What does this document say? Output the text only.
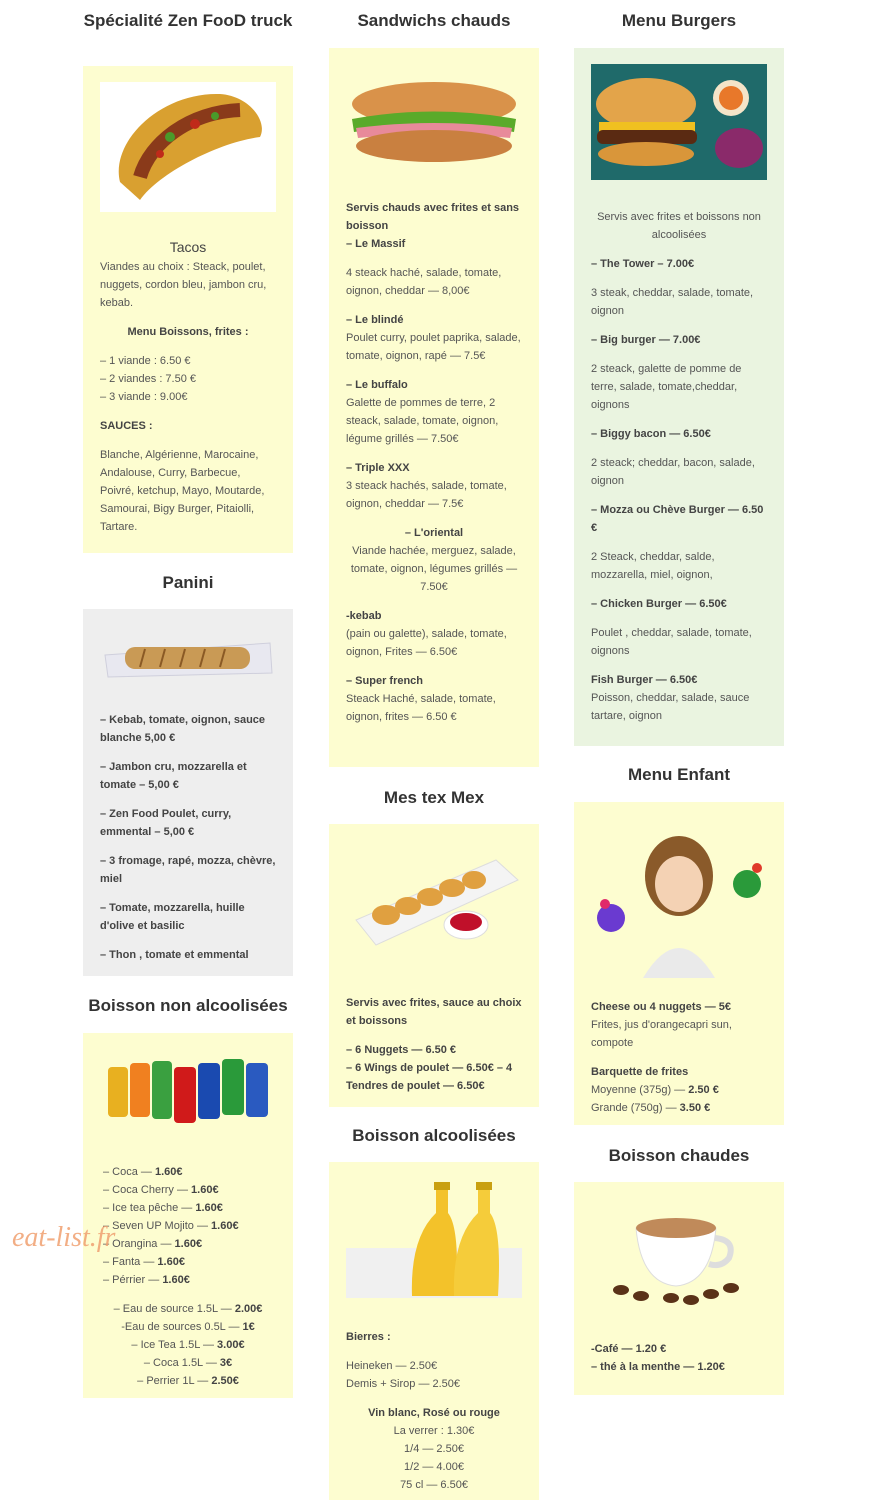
Spécialité Zen FooD truck

Tacos

Viandes au choix : Steack, poulet, nuggets, cordon bleu, jambon cru, kebab.

Menu Boissons, frites :

– 1 viande : 6.50 €
– 2 viandes : 7.50 €
– 3 viande : 9.00€

SAUCES :

Blanche, Algérienne, Marocaine, Andalouse, Curry, Barbecue, Poivré, ketchup, Mayo, Moutarde, Samourai, Bigy Burger, Pitaiolli, Tartare.

Panini

– Kebab, tomate, oignon, sauce blanche 5,00 €

– Jambon cru, mozzarella et tomate – 5,00 €

– Zen Food Poulet, curry, emmental – 5,00 €

– 3 fromage, rapé, mozza, chèvre, miel

– Tomate, mozzarella, huille d'olive et basilic

– Thon , tomate et emmental

Boisson non alcoolisées
– Coca — 1.60€
– Coca Cherry — 1.60€
– Ice tea pêche — 1.60€
– Seven UP Mojito — 1.60€
– Orangina — 1.60€
– Fanta — 1.60€
– Pérrier — 1.60€
– Eau de source 1.5L — 2.00€
-Eau de sources 0.5L — 1€
– Ice Tea 1.5L — 3.00€
– Coca 1.5L — 3€
– Perrier 1L — 2.50€
Sandwichs chauds

Servis chauds avec frites et sans boisson

– Le Massif

4 steack haché, salade, tomate, oignon, cheddar — 8,00€

– Le blindé

Poulet curry, poulet paprika, salade, tomate, oignon, rapé — 7.5€

– Le buffalo

Galette de pommes de terre, 2 steack, salade, tomate, oignon, légume grillés — 7.50€

– Triple XXX

3 steack hachés, salade, tomate, oignon, cheddar — 7.5€

– L'oriental

Viande hachée, merguez, salade, tomate, oignon, légumes grillés — 7.50€

-kebab

(pain ou galette), salade, tomate, oignon, Frites — 6.50€

– Super french

Steack Haché, salade, tomate, oignon, frites — 6.50 €

Mes tex Mex

Servis avec frites, sauce au choix et boissons

– 6 Nuggets — 6.50 €
– 6 Wings de poulet — 6.50€ – 4 Tendres de poulet — 6.50€

Boisson alcoolisées

Bierres :

Heineken — 2.50€
Demis + Sirop — 2.50€

Vin blanc, Rosé ou rouge
La verrer : 1.30€
1/4 — 2.50€
1/2 — 4.00€
75 cl — 6.50€

Menu Burgers

Servis avec frites et boissons non alcoolisées

– The Tower – 7.00€

3 steak, cheddar, salade, tomate, oignon

– Big burger — 7.00€

2 steack, galette de pomme de terre, salade, tomate,cheddar, oignons

– Biggy bacon — 6.50€

2 steack; cheddar, bacon, salade, oignon

– Mozza ou Chève Burger — 6.50 €

2 Steack, cheddar, salde, mozzarella, miel, oignon,

– Chicken Burger — 6.50€

Poulet , cheddar, salade, tomate, oignons

Fish Burger — 6.50€

Poisson, cheddar, salade, sauce tartare, oignon

Menu Enfant

Cheese ou 4 nuggets — 5€
Frites, jus d'orangecapri sun, compote

Barquette de frites
Moyenne (375g) — 2.50 €
Grande (750g) — 3.50 €

Boisson chaudes

-Café — 1.20 €
– thé à la menthe — 1.20€

eat-list.fr
